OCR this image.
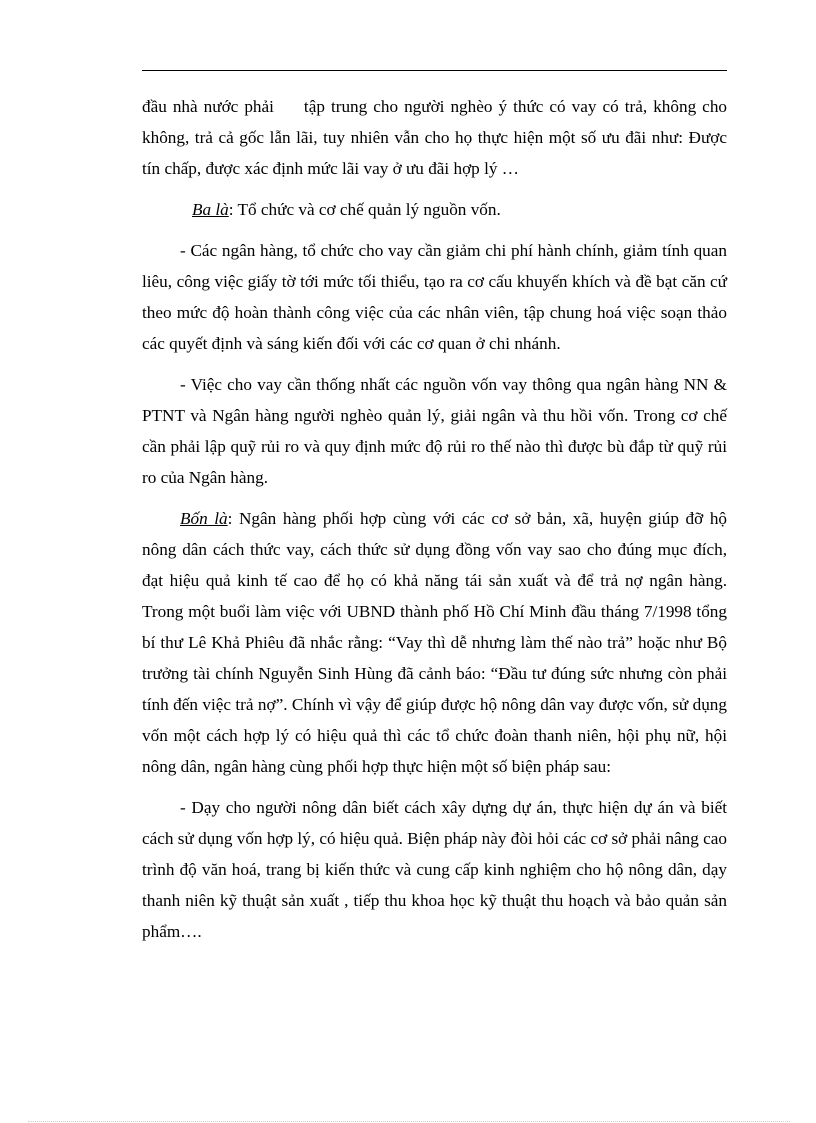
đầu nhà nước phải tập trung cho người nghèo ý thức có vay có trả, không cho không, trả cả gốc lẫn lãi, tuy nhiên vẫn cho họ thực hiện một số ưu đãi như: Được tín chấp, được xác định mức lãi vay ở ưu đãi hợp lý …

Ba là: Tổ chức và cơ chế quản lý nguồn vốn.

- Các ngân hàng, tổ chức cho vay cần giảm chi phí hành chính, giảm tính quan liêu, công việc giấy tờ tới mức tối thiểu, tạo ra cơ cấu khuyến khích và đề bạt căn cứ theo mức độ hoàn thành công việc của các nhân viên, tập chung hoá việc soạn thảo các quyết định và sáng kiến đối với các cơ quan ở chi nhánh.

- Việc cho vay cần thống nhất các nguồn vốn vay thông qua ngân hàng NN & PTNT và Ngân hàng người nghèo quản lý, giải ngân và thu hồi vốn. Trong cơ chế cần phải lập quỹ rủi ro và quy định mức độ rủi ro thế nào thì được bù đắp từ quỹ rủi ro của Ngân hàng.

Bốn là: Ngân hàng phối hợp cùng với các cơ sở bản, xã, huyện giúp đỡ hộ nông dân cách thức vay, cách thức sử dụng đồng vốn vay sao cho đúng mục đích, đạt hiệu quả kinh tế cao để họ có khả năng tái sản xuất và để trả nợ ngân hàng. Trong một buổi làm việc với UBND thành phố Hồ Chí Minh đầu tháng 7/1998 tổng bí thư Lê Khả Phiêu đã nhắc rằng: “Vay thì dễ nhưng làm thế nào trả” hoặc như Bộ trưởng tài chính Nguyễn Sinh Hùng đã cảnh báo: “Đầu tư đúng sức nhưng còn phải tính đến việc trả nợ”. Chính vì vậy để giúp được hộ nông dân vay được vốn, sử dụng vốn một cách hợp lý có hiệu quả thì các tổ chức đoàn thanh niên, hội phụ nữ, hội nông dân, ngân hàng cùng phối hợp thực hiện một số biện pháp sau:

- Dạy cho người nông dân biết cách xây dựng dự án, thực hiện dự án và biết cách sử dụng vốn hợp lý, có hiệu quả. Biện pháp này đòi hỏi các cơ sở phải nâng cao trình độ văn hoá, trang bị kiến thức và cung cấp kinh nghiệm cho hộ nông dân, dạy thanh niên kỹ thuật sản xuất , tiếp thu khoa học kỹ thuật thu hoạch và bảo quản sản phẩm….
